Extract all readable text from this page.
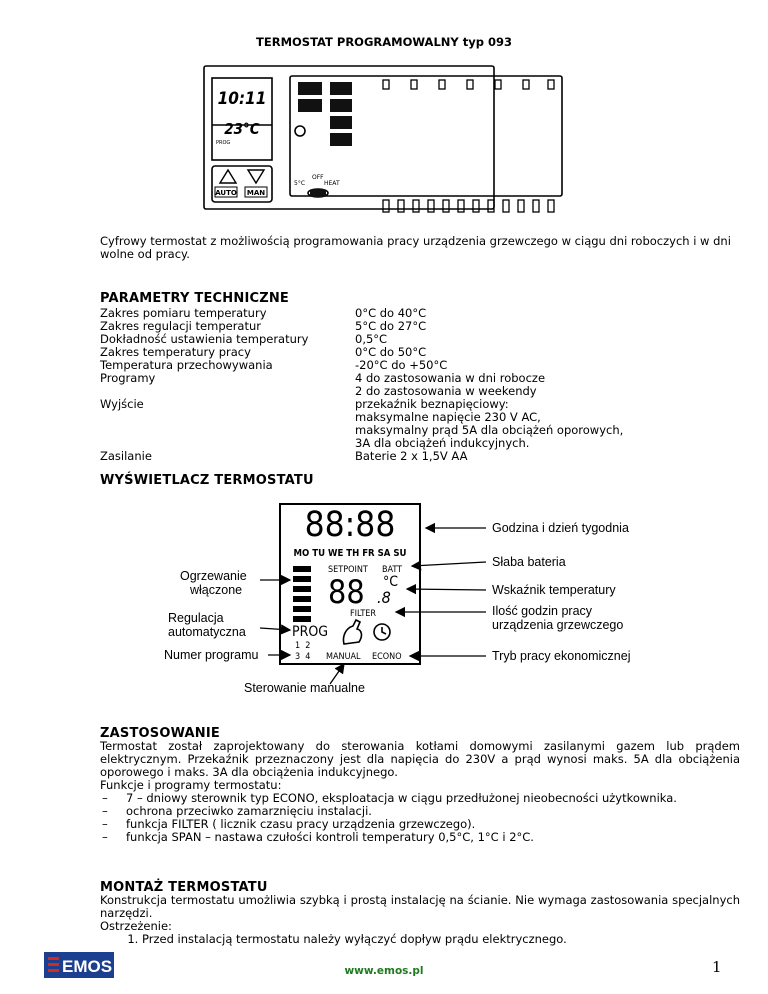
TERMOSTAT PROGRAMOWALNY typ 093
10:11
23°C
PROG
AUTO MAN
5°C
OFF
HEAT
Cyfrowy termostat z możliwością programowania pracy urządzenia grzewczego w ciągu dni roboczych i w dni wolne od pracy.
PARAMETRY TECHNICZNE
Zakres pomiaru temperatury
Zakres regulacji temperatur
Dokładność ustawienia temperatury
Zakres temperatury pracy
Temperatura przechowywania
Programy

Wyjście

Zasilanie
0°C do 40°C
5°C do 27°C
0,5°C
0°C do 50°C
-20°C do +50°C
4 do zastosowania w dni robocze
2 do zastosowania w weekendy
przekaźnik beznapięciowy:
maksymalne napięcie 230 V AC,
maksymalny prąd 5A dla obciążeń oporowych,
3A dla obciążeń indukcyjnych.
Baterie 2 x 1,5V AA
WYŚWIETLACZ TERMOSTATU
88:88
MO TU WE TH FR SA SU
SETPOINT BATT
88 °C
.8
FILTER
PROG
1  2
3  4 MANUAL ECONO
Godzina i dzień tygodnia
Słaba bateria
Wskaźnik temperatury
Ilość godzin pracy
urządzenia grzewczego
Tryb pracy ekonomicznej
Ogrzewanie
włączone
Regulacja
automatyczna
Numer programu
Sterowanie manualne
ZASTOSOWANIE

Termostat został zaprojektowany do sterowania kotłami domowymi zasilanymi gazem lub prądem elektrycznym. Przekaźnik przeznaczony jest dla napięcia do 230V a prąd wynosi maks. 5A dla obciążenia oporowego i maks. 3A dla obciążenia indukcyjnego.

Funkcje i programy termostatu:
– 7 – dniowy sterownik typ ECONO, eksploatacja w ciągu przedłużonej nieobecności użytkownika.
– ochrona przeciwko zamarznięciu instalacji.
– funkcja FILTER ( licznik czasu pracy urządzenia grzewczego).
– funkcja SPAN – nastawa czułości kontroli temperatury 0,5°C, 1°C i 2°C.
MONTAŻ TERMOSTATU

Konstrukcja termostatu umożliwia szybką i prostą instalację na ścianie. Nie wymaga zastosowania specjalnych narzędzi.

Ostrzeżenie:
1. Przed instalacją termostatu należy wyłączyć dopływ prądu elektrycznego.
EMOS	www.emos.pl	1
